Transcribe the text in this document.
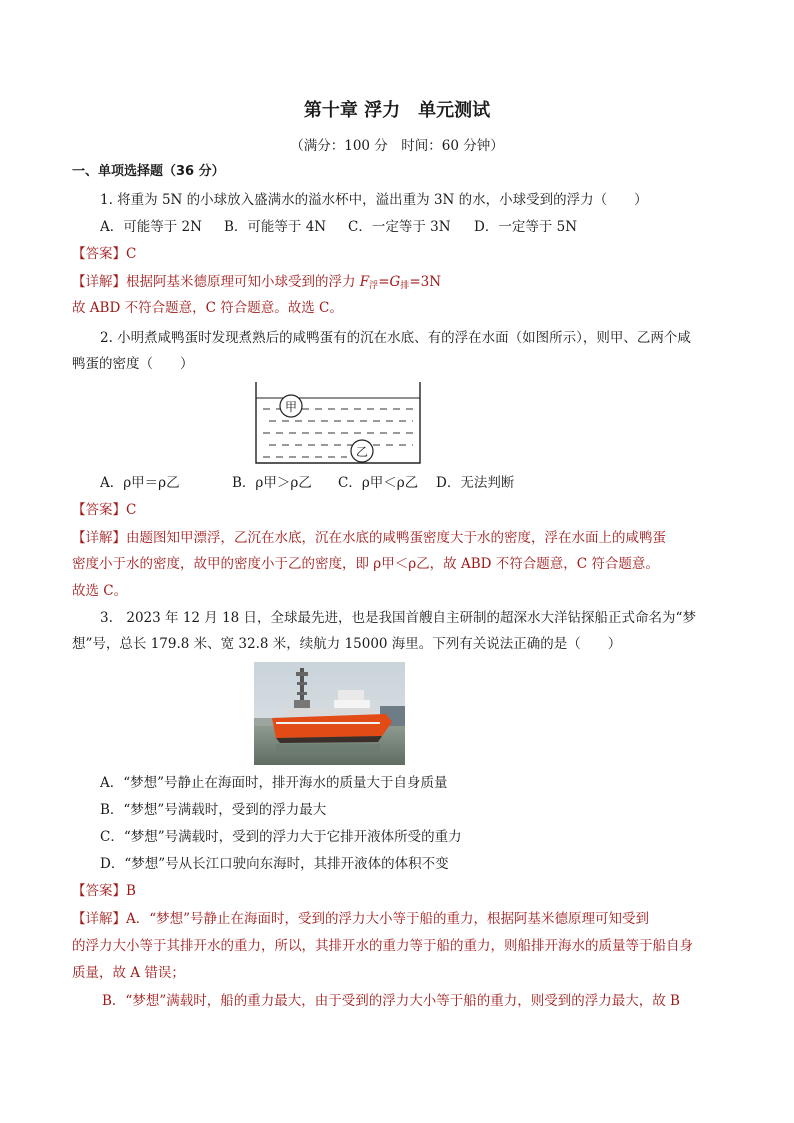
第十章 浮力　单元测试
（满分：100 分　时间：60 分钟）
一、单项选择题（36 分）
1. 将重为 5N 的小球放入盛满水的溢水杯中，溢出重为 3N 的水，小球受到的浮力（　　）
A．可能等于 2N B．可能等于 4N C．一定等于 3N D．一定等于 5N
【答案】C
【详解】根据阿基米德原理可知小球受到的浮力 $F_浮=G_排=3N$
故 ABD 不符合题意，C 符合题意。故选 C。
2. 小明煮咸鸭蛋时发现煮熟后的咸鸭蛋有的沉在水底、有的浮在水面（如图所示），则甲、乙两个咸
鸭蛋的密度（　　）
甲
乙
A．ρ甲＝ρ乙	B．ρ甲＞ρ乙 C．ρ甲＜ρ乙 D．无法判断
【答案】C
【详解】由题图知甲漂浮，乙沉在水底，沉在水底的咸鸭蛋密度大于水的密度，浮在水面上的咸鸭蛋
密度小于水的密度，故甲的密度小于乙的密度，即 ρ甲＜ρ乙，故 ABD 不符合题意，C 符合题意。
故选 C。
3.　2023 年 12 月 18 日，全球最先进，也是我国首艘自主研制的超深水大洋钻探船正式命名为“梦
想”号，总长 179.8 米、宽 32.8 米，续航力 15000 海里。下列有关说法正确的是（　　）
A．“梦想”号静止在海面时，排开海水的质量大于自身质量
B．“梦想”号满载时，受到的浮力最大
C．“梦想”号满载时，受到的浮力大于它排开液体所受的重力
D．“梦想”号从长江口驶向东海时，其排开液体的体积不变
【答案】B
【详解】A．“梦想”号静止在海面时，受到的浮力大小等于船的重力，根据阿基米德原理可知受到
的浮力大小等于其排开水的重力，所以，其排开水的重力等于船的重力，则船排开海水的质量等于船自身
质量，故 A 错误；
B．“梦想”满载时，船的重力最大，由于受到的浮力大小等于船的重力，则受到的浮力最大，故 B
